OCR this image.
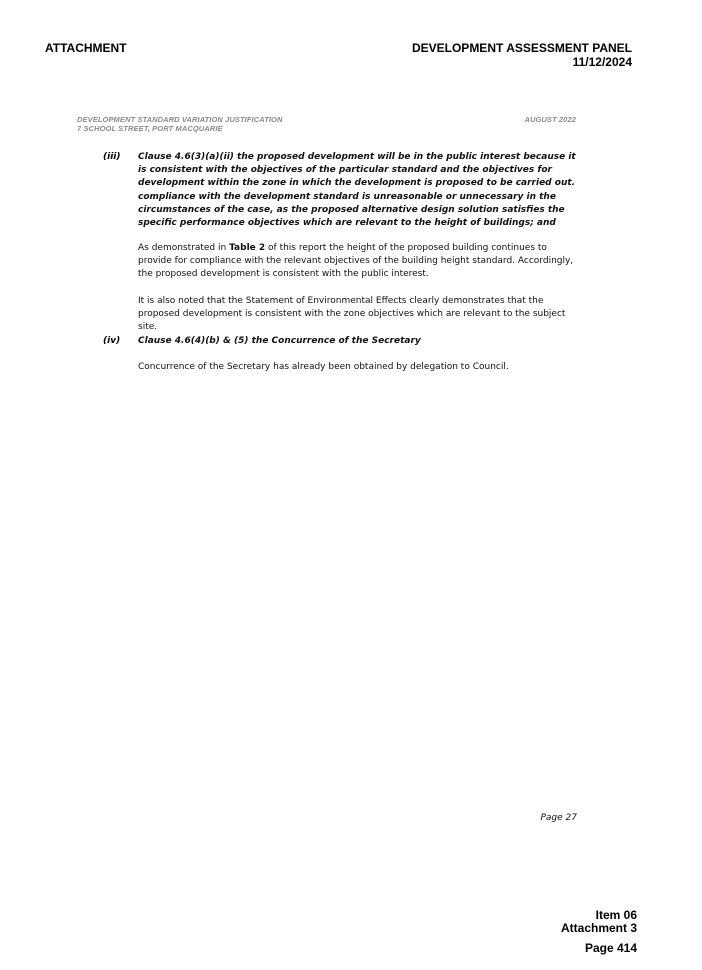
ATTACHMENT	DEVELOPMENT ASSESSMENT PANEL
11/12/2024
DEVELOPMENT STANDARD VARIATION JUSTIFICATION
7 SCHOOL STREET, PORT MACQUARIE
AUGUST 2022
(iii) Clause 4.6(3)(a)(ii) the proposed development will be in the public interest because it is consistent with the objectives of the particular standard and the objectives for development within the zone in which the development is proposed to be carried out. compliance with the development standard is unreasonable or unnecessary in the circumstances of the case, as the proposed alternative design solution satisfies the specific performance objectives which are relevant to the height of buildings; and
As demonstrated in Table 2 of this report the height of the proposed building continues to provide for compliance with the relevant objectives of the building height standard. Accordingly, the proposed development is consistent with the public interest.
It is also noted that the Statement of Environmental Effects clearly demonstrates that the proposed development is consistent with the zone objectives which are relevant to the subject site.
(iv) Clause 4.6(4)(b) & (5) the Concurrence of the Secretary
Concurrence of the Secretary has already been obtained by delegation to Council.
Page 27
Item 06
Attachment 3
Page 414
